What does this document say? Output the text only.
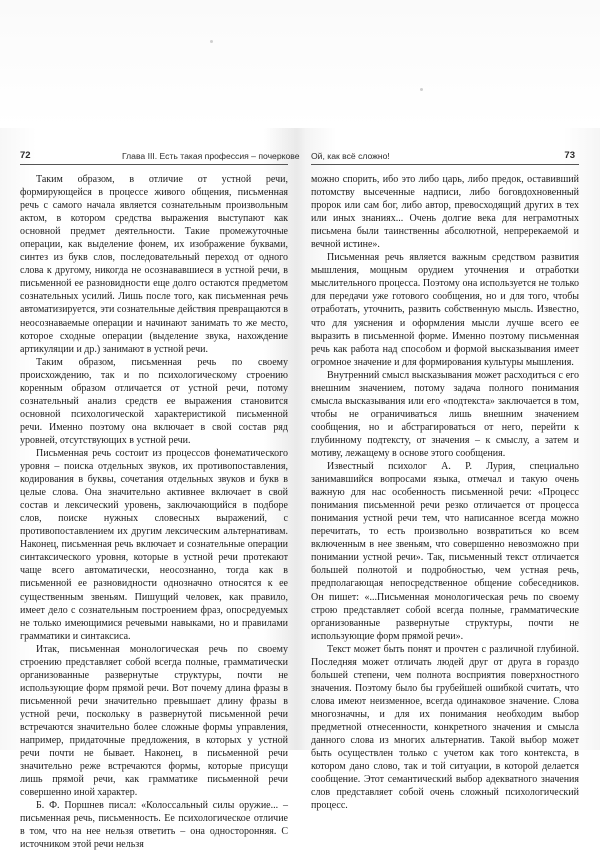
72	Глава III. Есть такая профессия – почеркове

Таким образом, в отличие от устной речи, формирующейся в процессе живого общения, письменная речь с самого начала является сознательным произвольным актом, в котором средства выражения выступают как основной предмет деятельности. Такие промежуточные операции, как выделение фонем, их изображение буквами, синтез из букв слов, последовательный переход от одного слова к другому, никогда не осознававшиеся в устной речи, в письменной ее разновидности еще долго остаются предметом сознательных усилий. Лишь после того, как письменная речь автоматизируется, эти сознательные действия превращаются в неосознаваемые операции и начинают занимать то же место, которое сходные операции (выделение звука, нахождение артикуляции и др.) занимают в устной речи.

Таким образом, письменная речь по своему происхождению, так и по психологическому строению коренным образом отличается от устной речи, потому сознательный анализ средств ее выражения становится основной психологической характеристикой письменной речи. Именно поэтому она включает в свой состав ряд уровней, отсутствующих в устной речи.

Письменная речь состоит из процессов фонематического уровня – поиска отдельных звуков, их противопоставления, кодирования в буквы, сочетания отдельных звуков и букв в целые слова. Она значительно активнее включает в свой состав и лексический уровень, заключающийся в подборе слов, поиске нужных словесных выражений, с противопоставлением их другим лексическим альтернативам. Наконец, письменная речь включает и сознательные операции синтаксического уровня, которые в устной речи протекают чаще всего автоматически, неосознанно, тогда как в письменной ее разновидности однозначно относятся к ее существенным звеньям. Пишущий человек, как правило, имеет дело с сознательным построением фраз, опосредуемых не только имеющимися речевыми навыками, но и правилами грамматики и синтаксиса.

Итак, письменная монологическая речь по своему строению представляет собой всегда полные, грамматически организованные развернутые структуры, почти не использующие форм прямой речи. Вот почему длина фразы в письменной речи значительно превышает длину фразы в устной речи, поскольку в развернутой письменной речи встречаются значительно более сложные формы управления, например, придаточные предложения, в которых у устной речи почти не бывает. Наконец, в письменной речи значительно реже встречаются формы, которые присущи лишь прямой речи, как грамматике письменной речи совершенно иной характер.

Б. Ф. Поршнев писал: «Колоссальный силы оружие... – письменная речь, письменность. Ее психологическое отличие в том, что на нее нельзя ответить – она односторонняя. С источником этой речи нельзя

Ой, как всё сложно!	73

можно спорить, ибо это либо царь, либо предок, оставивший потомству высеченные надписи, либо боговдохновенный пророк или сам бог, либо автор, превосходящий других в тех или иных знаниях... Очень долгие века для неграмотных письмена были таинственны абсолютной, непререкаемой и вечной истине».

Письменная речь является важным средством развития мышления, мощным орудием уточнения и отработки мыслительного процесса. Поэтому она используется не только для передачи уже готового сообщения, но и для того, чтобы отработать, уточнить, развить собственную мысль. Известно, что для уяснения и оформления мысли лучше всего ее выразить в письменной форме. Именно поэтому письменная речь как работа над способом и формой высказывания имеет огромное значение и для формирования культуры мышления.

Внутренний смысл высказывания может расходиться с его внешним значением, потому задача полного понимания смысла высказывания или его «подтекста» заключается в том, чтобы не ограничиваться лишь внешним значением сообщения, но и абстрагироваться от него, перейти к глубинному подтексту, от значения – к смыслу, а затем и мотиву, лежащему в основе этого сообщения.

Известный психолог А. Р. Лурия, специально занимавшийся вопросами языка, отмечал и такую очень важную для нас особенность письменной речи: «Процесс понимания письменной речи резко отличается от процесса понимания устной речи тем, что написанное всегда можно перечитать, то есть произвольно возвратиться ко всем включенным в нее звеньям, что совершенно невозможно при понимании устной речи». Так, письменный текст отличается большей полнотой и подробностью, чем устная речь, предполагающая непосредственное общение собеседников. Он пишет: «...Письменная монологическая речь по своему строю представляет собой всегда полные, грамматические организованные развернутые структуры, почти не использующие форм прямой речи».

Текст может быть понят и прочтен с различной глубиной. Последняя может отличать людей друг от друга в гораздо большей степени, чем полнота восприятия поверхностного значения. Поэтому было бы грубейшей ошибкой считать, что слова имеют неизменное, всегда одинаковое значение. Слова многозначны, и для их понимания необходим выбор предметной отнесенности, конкретного значения и смысла данного слова из многих альтернатив. Такой выбор может быть осуществлен только с учетом как того контекста, в котором дано слово, так и той ситуации, в которой делается сообщение. Этот семантический выбор адекватного значения слов представляет собой очень сложный психологический процесс.
